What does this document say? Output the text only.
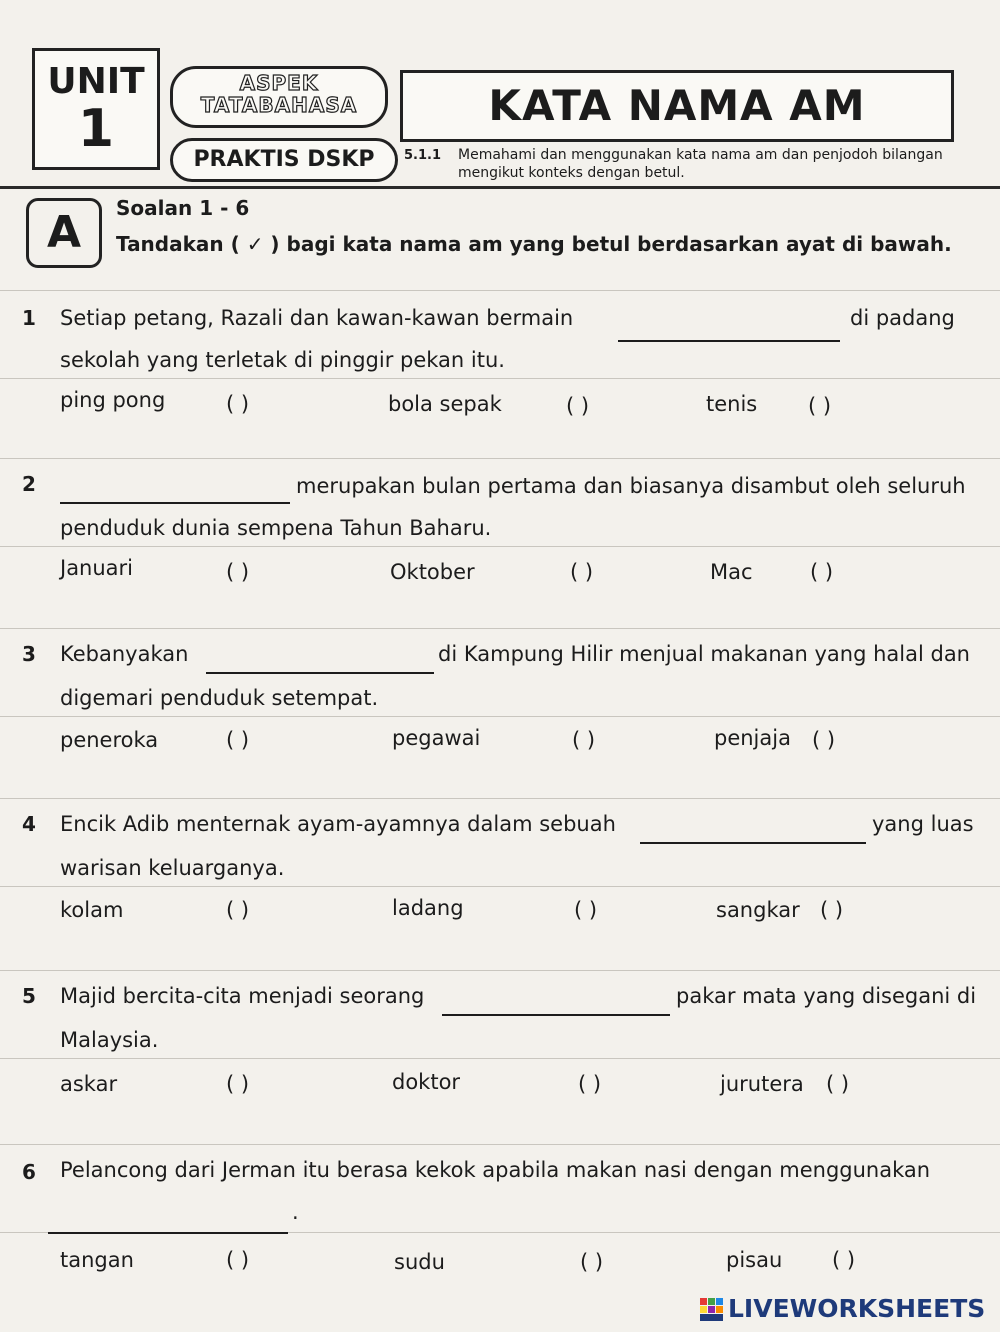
UNIT
1
ASPEK
TATABAHASA
PRAKTIS DSKP
KATA NAMA AM
5.1.1 Memahami dan menggunakan kata nama am dan penjodoh bilangan mengikut konteks dengan betul.
A	Soalan 1 - 6
Tandakan ( ✓ ) bagi kata nama am yang betul berdasarkan ayat di bawah.
1 Setiap petang, Razali dan kawan-kawan bermain	di padang
sekolah yang terletak di pinggir pekan itu.
ping pong	( )	bola sepak	( )	tenis ( )
2	merupakan bulan pertama dan biasanya disambut oleh seluruh
penduduk dunia sempena Tahun Baharu.
Januari	( )	Oktober	( )	Mac	( )
3 Kebanyakan	di Kampung Hilir menjual makanan yang halal dan
digemari penduduk setempat.
peneroka	( )	pegawai	( )	penjaja ( )
4 Encik Adib menternak ayam-ayamnya dalam sebuah	yang luas
warisan keluarganya.
kolam	( )	ladang	( )	sangkar ( )
5 Majid bercita-cita menjadi seorang	pakar mata yang disegani di
Malaysia.
askar	( )	doktor	( )	jurutera ( )
6 Pelancong dari Jerman itu berasa kekok apabila makan nasi dengan menggunakan
.
tangan	( )	sudu	( )	pisau ( )
LIVEWORKSHEETS
